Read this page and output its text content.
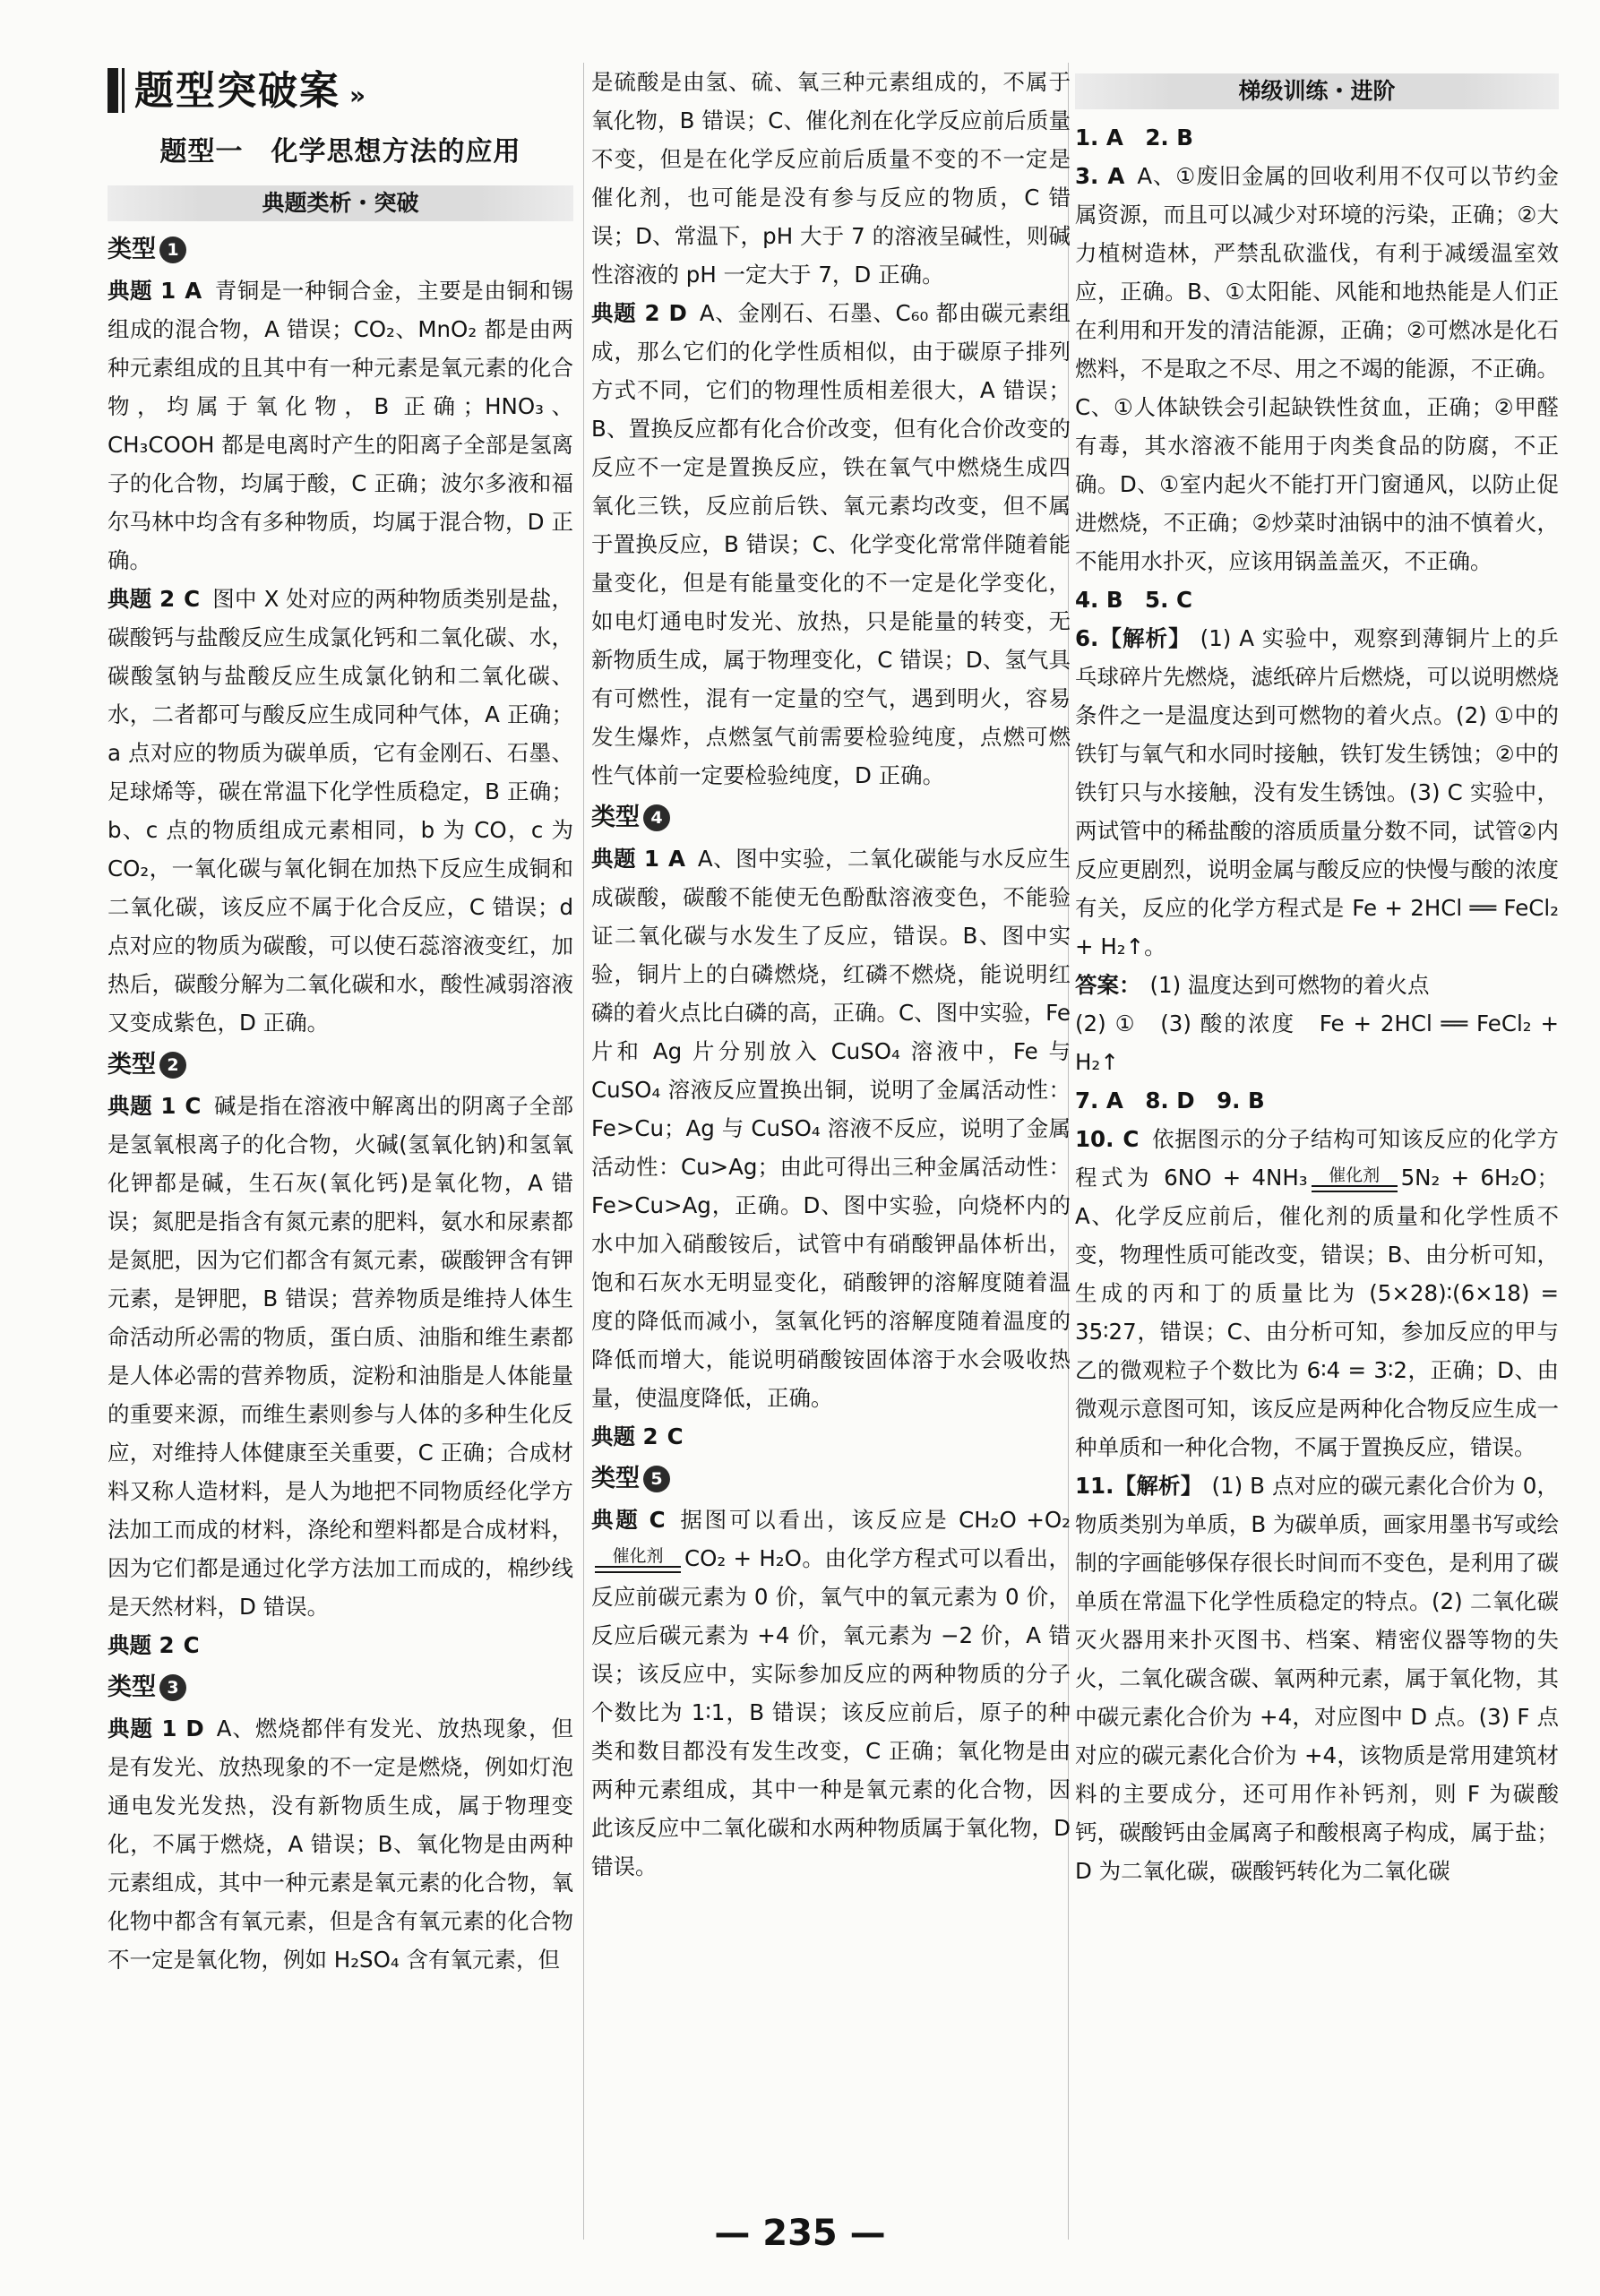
题型突破案 »
题型一　化学思想方法的应用
典题类析・突破
类型 1

典题 1 A 青铜是一种铜合金，主要是由铜和锡组成的混合物，A 错误；CO₂、MnO₂ 都是由两种元素组成的且其中有一种元素是氧元素的化合物，均属于氧化物，B 正确；HNO₃、CH₃COOH 都是电离时产生的阳离子全部是氢离子的化合物，均属于酸，C 正确；波尔多液和福尔马林中均含有多种物质，均属于混合物，D 正确。

典题 2 C 图中 X 处对应的两种物质类别是盐，碳酸钙与盐酸反应生成氯化钙和二氧化碳、水，碳酸氢钠与盐酸反应生成氯化钠和二氧化碳、水，二者都可与酸反应生成同种气体，A 正确；a 点对应的物质为碳单质，它有金刚石、石墨、足球烯等，碳在常温下化学性质稳定，B 正确；b、c 点的物质组成元素相同，b 为 CO，c 为 CO₂，一氧化碳与氧化铜在加热下反应生成铜和二氧化碳，该反应不属于化合反应，C 错误；d 点对应的物质为碳酸，可以使石蕊溶液变红，加热后，碳酸分解为二氧化碳和水，酸性减弱溶液又变成紫色，D 正确。

类型 2

典题 1 C 碱是指在溶液中解离出的阴离子全部是氢氧根离子的化合物，火碱(氢氧化钠)和氢氧化钾都是碱，生石灰(氧化钙)是氧化物，A 错误；氮肥是指含有氮元素的肥料，氨水和尿素都是氮肥，因为它们都含有氮元素，碳酸钾含有钾元素，是钾肥，B 错误；营养物质是维持人体生命活动所必需的物质，蛋白质、油脂和维生素都是人体必需的营养物质，淀粉和油脂是人体能量的重要来源，而维生素则参与人体的多种生化反应，对维持人体健康至关重要，C 正确；合成材料又称人造材料，是人为地把不同物质经化学方法加工而成的材料，涤纶和塑料都是合成材料，因为它们都是通过化学方法加工而成的，棉纱线是天然材料，D 错误。

典题 2 C

类型 3

典题 1 D A、燃烧都伴有发光、放热现象，但是有发光、放热现象的不一定是燃烧，例如灯泡通电发光发热，没有新物质生成，属于物理变化，不属于燃烧，A 错误；B、氧化物是由两种元素组成，其中一种元素是氧元素的化合物，氧化物中都含有氧元素，但是含有氧元素的化合物不一定是氧化物，例如 H₂SO₄ 含有氧元素，但

是硫酸是由氢、硫、氧三种元素组成的，不属于氧化物，B 错误；C、催化剂在化学反应前后质量不变，但是在化学反应前后质量不变的不一定是催化剂，也可能是没有参与反应的物质，C 错误；D、常温下，pH 大于 7 的溶液呈碱性，则碱性溶液的 pH 一定大于 7，D 正确。

典题 2 D A、金刚石、石墨、C₆₀ 都由碳元素组成，那么它们的化学性质相似，由于碳原子排列方式不同，它们的物理性质相差很大，A 错误；B、置换反应都有化合价改变，但有化合价改变的反应不一定是置换反应，铁在氧气中燃烧生成四氧化三铁，反应前后铁、氧元素均改变，但不属于置换反应，B 错误；C、化学变化常常伴随着能量变化，但是有能量变化的不一定是化学变化，如电灯通电时发光、放热，只是能量的转变，无新物质生成，属于物理变化，C 错误；D、氢气具有可燃性，混有一定量的空气，遇到明火，容易发生爆炸，点燃氢气前需要检验纯度，点燃可燃性气体前一定要检验纯度，D 正确。

类型 4

典题 1 A A、图中实验，二氧化碳能与水反应生成碳酸，碳酸不能使无色酚酞溶液变色，不能验证二氧化碳与水发生了反应，错误。B、图中实验，铜片上的白磷燃烧，红磷不燃烧，能说明红磷的着火点比白磷的高，正确。C、图中实验，Fe 片和 Ag 片分别放入 CuSO₄ 溶液中，Fe 与 CuSO₄ 溶液反应置换出铜，说明了金属活动性：Fe>Cu；Ag 与 CuSO₄ 溶液不反应，说明了金属活动性：Cu>Ag；由此可得出三种金属活动性：Fe>Cu>Ag，正确。D、图中实验，向烧杯内的水中加入硝酸铵后，试管中有硝酸钾晶体析出，饱和石灰水无明显变化，硝酸钾的溶解度随着温度的降低而减小，氢氧化钙的溶解度随着温度的降低而增大，能说明硝酸铵固体溶于水会吸收热量，使温度降低，正确。

典题 2 C

类型 5

典题 C 据图可以看出，该反应是 CH₂O +O₂
催化剂 CO₂ + H₂O。由化学方程式可以看出，反应前碳元素为 0 价，氧气中的氧元素为 0 价，反应后碳元素为 +4 价，氧元素为 −2 价，A 错误；该反应中，实际参加反应的两种物质的分子个数比为 1∶1，B 错误；该反应前后，原子的种类和数目都没有发生改变，C 正确；氧化物是由两种元素组成，其中一种是氧元素的化合物，因此该反应中二氧化碳和水两种物质属于氧化物，D 错误。

梯级训练・进阶

1. A　2. B

3. A A、①废旧金属的回收利用不仅可以节约金属资源，而且可以减少对环境的污染，正确；②大力植树造林，严禁乱砍滥伐，有利于减缓温室效应，正确。B、①太阳能、风能和地热能是人们正在利用和开发的清洁能源，正确；②可燃冰是化石燃料，不是取之不尽、用之不竭的能源，不正确。C、①人体缺铁会引起缺铁性贫血，正确；②甲醛有毒，其水溶液不能用于肉类食品的防腐，不正确。D、①室内起火不能打开门窗通风，以防止促进燃烧，不正确；②炒菜时油锅中的油不慎着火，不能用水扑灭，应该用锅盖盖灭，不正确。

4. B　5. C

6.【解析】 (1) A 实验中，观察到薄铜片上的乒乓球碎片先燃烧，滤纸碎片后燃烧，可以说明燃烧条件之一是温度达到可燃物的着火点。(2) ①中的铁钉与氧气和水同时接触，铁钉发生锈蚀；②中的铁钉只与水接触，没有发生锈蚀。(3) C 实验中，两试管中的稀盐酸的溶质质量分数不同，试管②内反应更剧烈，说明金属与酸反应的快慢与酸的浓度有关，反应的化学方程式是 Fe + 2HCl ══ FeCl₂ + H₂↑。

答案： (1) 温度达到可燃物的着火点

(2) ①　(3) 酸的浓度　Fe + 2HCl ══ FeCl₂ + H₂↑

7. A　8. D　9. B

10. C 依据图示的分子结构可知该反应的化学方程式为 6NO + 4NH₃	催化剂 5N₂ + 6H₂O；A、化学反应前后，催化剂的质量和化学性质不变，物理性质可能改变，错误；B、由分析可知，生成的丙和丁的质量比为 (5×28)∶(6×18) = 35∶27，错误；C、由分析可知，参加反应的甲与乙的微观粒子个数比为 6∶4 = 3∶2，正确；D、由微观示意图可知，该反应是两种化合物反应生成一种单质和一种化合物，不属于置换反应，错误。

11.【解析】 (1) B 点对应的碳元素化合价为 0，物质类别为单质，B 为碳单质，画家用墨书写或绘制的字画能够保存很长时间而不变色，是利用了碳单质在常温下化学性质稳定的特点。(2) 二氧化碳灭火器用来扑灭图书、档案、精密仪器等物的失火，二氧化碳含碳、氧两种元素，属于氧化物，其中碳元素化合价为 +4，对应图中 D 点。(3) F 点对应的碳元素化合价为 +4，该物质是常用建筑材料的主要成分，还可用作补钙剂，则 F 为碳酸钙，碳酸钙由金属离子和酸根离子构成，属于盐；D 为二氧化碳，碳酸钙转化为二氧化碳

— 235 —
